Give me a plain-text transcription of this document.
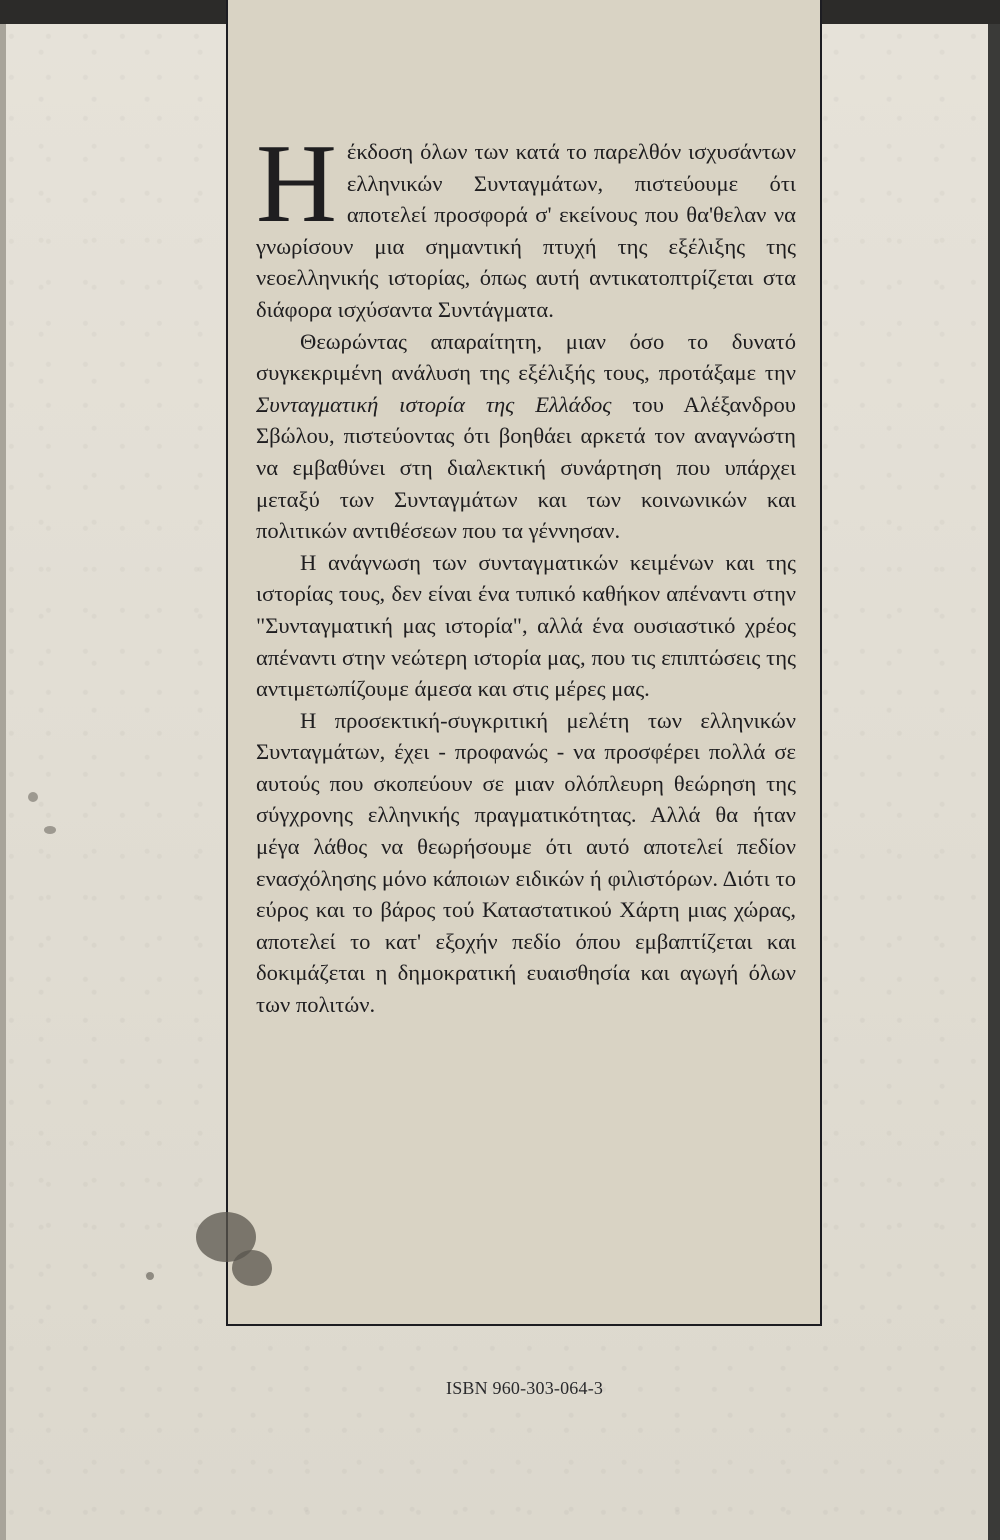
Ηέκδοση όλων των κατά το παρελθόν ισχυσάντων ελληνικών Συνταγμάτων, πιστεύουμε ότι αποτελεί προσφορά σ' εκείνους που θα'θελαν να γνωρίσουν μια σημαντική πτυχή της εξέλιξης της νεοελληνικής ιστορίας, όπως αυτή αντικατοπτρίζεται στα διάφορα ισχύσαντα Συντάγματα.

Θεωρώντας απαραίτητη, μιαν όσο το δυνατό συγκεκριμένη ανάλυση της εξέλιξής τους, προτάξαμε την Συνταγματική ιστορία της Ελλάδος του Αλέξανδρου Σβώλου, πιστεύοντας ότι βοηθάει αρκετά τον αναγνώστη να εμβαθύνει στη διαλεκτική συνάρτηση που υπάρχει μεταξύ των Συνταγμάτων και των κοινωνικών και πολιτικών αντιθέσεων που τα γέννησαν.

Η ανάγνωση των συνταγματικών κειμένων και της ιστορίας τους, δεν είναι ένα τυπικό καθήκον απέναντι στην "Συνταγματική μας ιστορία", αλλά ένα ουσιαστικό χρέος απέναντι στην νεώτερη ιστορία μας, που τις επιπτώσεις της αντιμετωπίζουμε άμεσα και στις μέρες μας.

Η προσεκτική-συγκριτική μελέτη των ελληνικών Συνταγμάτων, έχει - προφανώς - να προσφέρει πολλά σε αυτούς που σκοπεύουν σε μιαν ολόπλευρη θεώρηση της σύγχρονης ελληνικής πραγματικότητας. Αλλά θα ήταν μέγα λάθος να θεωρήσουμε ότι αυτό αποτελεί πεδίον ενασχόλησης μόνο κάποιων ειδικών ή φιλιστόρων. Διότι το εύρος και το βάρος τού Καταστατικού Χάρτη μιας χώρας, αποτελεί το κατ' εξοχήν πεδίο όπου εμβαπτίζεται και δοκιμάζεται η δημοκρατική ευαισθησία και αγωγή όλων των πολιτών.

ISBN 960-303-064-3
